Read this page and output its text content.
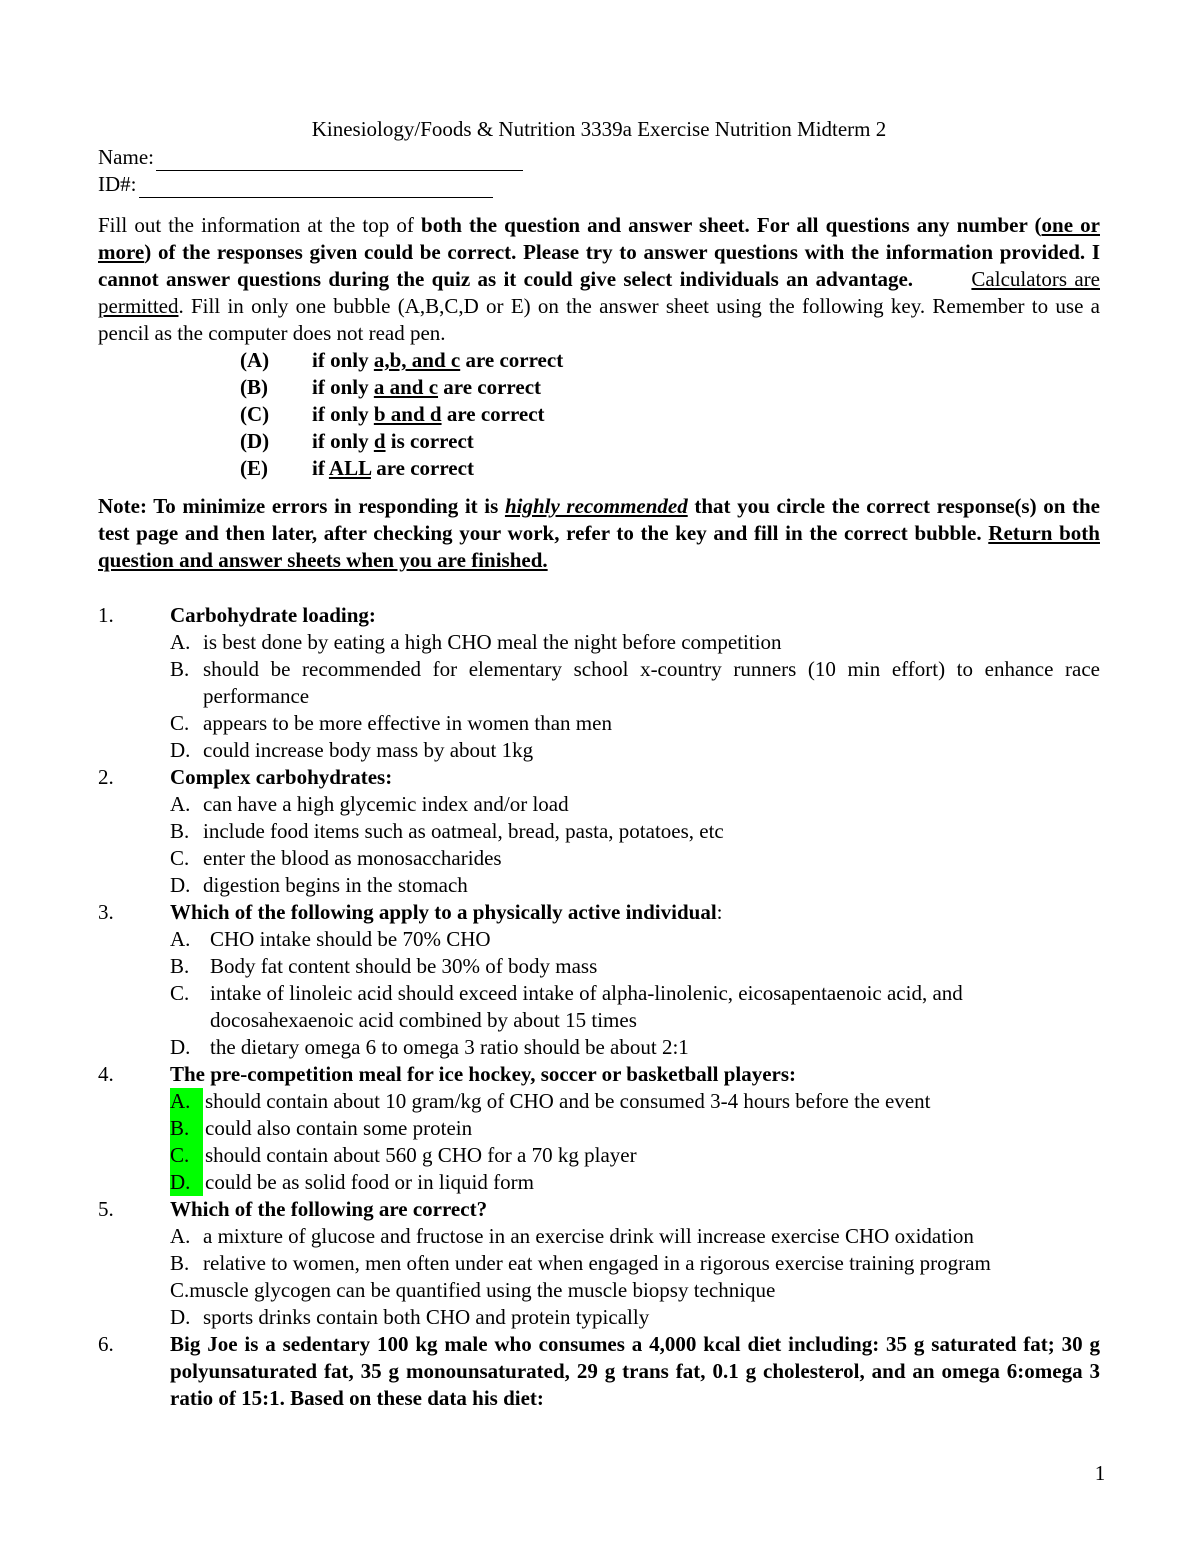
Kinesiology/Foods & Nutrition 3339a Exercise Nutrition Midterm 2
Name:
ID#:
Fill out the information at the top of both the question and answer sheet. For all questions any number (one or more) of the responses given could be correct. Please try to answer questions with the information provided. I cannot answer questions during the quiz as it could give select individuals an advantage.	Calculators are permitted. Fill in only one bubble (A,B,C,D or E) on the answer sheet using the following key. Remember to use a pencil as the computer does not read pen.
(A)	if only a,b, and c are correct
(B)	if only a and c are correct
(C)	if only b and d are correct
(D)	if only d is correct
(E)	if ALL are correct
Note: To minimize errors in responding it is highly recommended that you circle the correct response(s) on the test page and then later, after checking your work, refer to the key and fill in the correct bubble. Return both question and answer sheets when you are finished.
1.	Carbohydrate loading:
A. is best done by eating a high CHO meal the night before competition
B. should be recommended for elementary school x-country runners (10 min effort) to enhance race performance
C. appears to be more effective in women than men
D. could increase body mass by about 1kg
2.	Complex carbohydrates:
A. can have a high glycemic index and/or load
B. include food items such as oatmeal, bread, pasta, potatoes, etc
C. enter the blood as monosaccharides
D. digestion begins in the stomach
3.	Which of the following apply to a physically active individual:
A. CHO intake should be 70% CHO
B. Body fat content should be 30% of body mass
C. intake of linoleic acid should exceed intake of alpha-linolenic, eicosapentaenoic acid, and docosahexaenoic acid combined by about 15 times
D. the dietary omega 6 to omega 3 ratio should be about 2:1
4.	The pre-competition meal for ice hockey, soccer or basketball players:
A. should contain about 10 gram/kg of CHO and be consumed 3-4 hours before the event
B. could also contain some protein
C. should contain about 560 g CHO for a 70 kg player
D. could be as solid food or in liquid form
5.	Which of the following are correct?
A. a mixture of glucose and fructose in an exercise drink will increase exercise CHO oxidation
B. relative to women, men often under eat when engaged in a rigorous exercise training program
C.muscle glycogen can be quantified using the muscle biopsy technique
D. sports drinks contain both CHO and protein typically
6.	Big Joe is a sedentary 100 kg male who consumes a 4,000 kcal diet including: 35 g saturated fat; 30 g polyunsaturated fat, 35 g monounsaturated, 29 g trans fat, 0.1 g cholesterol, and an omega 6:omega 3 ratio of 15:1. Based on these data his diet:
1
